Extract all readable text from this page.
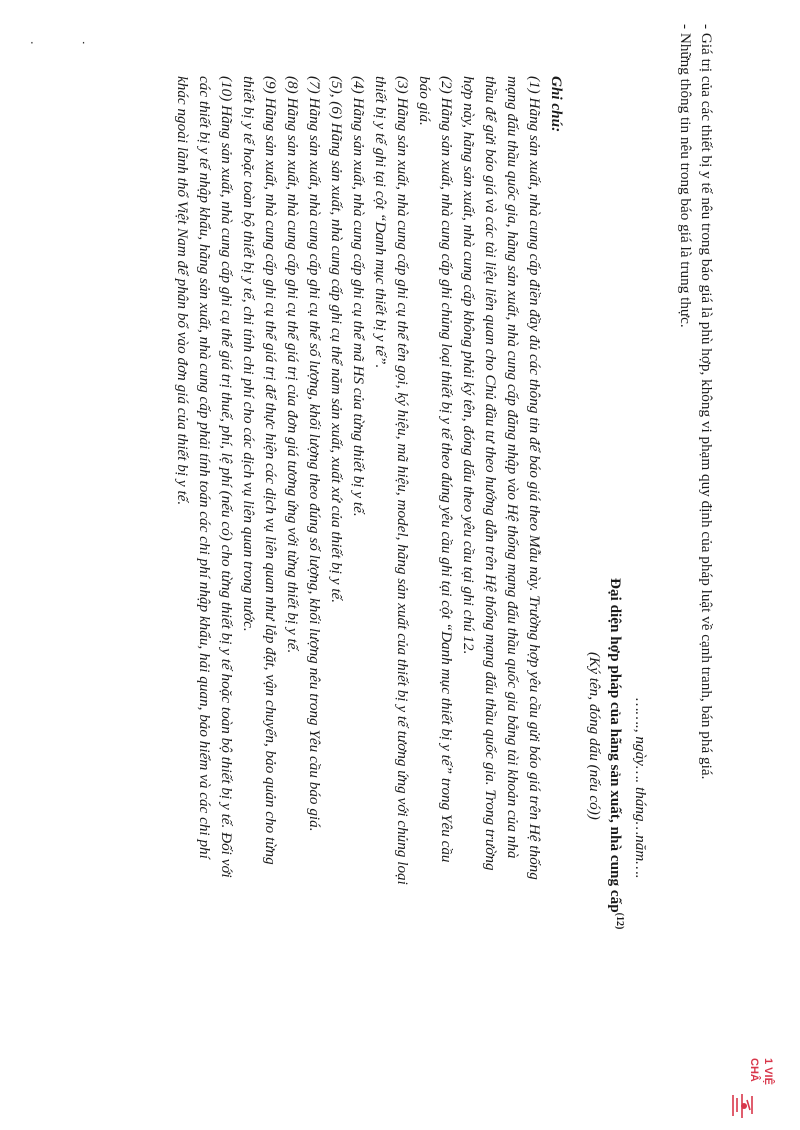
· ·	- Giá trị của các thiết bị y tế nêu trong báo giá là phù hợp, không vi phạm quy định của pháp luật về cạnh tranh, bán phá giá.
- Những thông tin nêu trong báo giá là trung thực.
……., ngày…. tháng…năm….
Đại diện hợp pháp của hãng sản xuất, nhà cung cấp$^{(12)}$
(Ký tên, đóng dấu (nếu có))
Ghi chú:
(1) Hãng sản xuất, nhà cung cấp điền đầy đủ các thông tin để báo giá theo Mẫu này. Trường hợp yêu cầu gửi báo giá trên Hệ thống
mạng đấu thầu quốc gia, hãng sản xuất, nhà cung cấp đăng nhập vào Hệ thống mạng đấu thầu quốc gia bằng tài khoản của nhà
thầu để gửi báo giá và các tài liệu liên quan cho Chủ đầu tư theo hướng dẫn trên Hệ thống mạng đấu thầu quốc gia. Trong trường
hợp này, hãng sản xuất, nhà cung cấp không phải ký tên, đóng dấu theo yêu cầu tại ghi chú 12.
(2) Hãng sản xuất, nhà cung cấp ghi chủng loại thiết bị y tế theo đúng yêu cầu ghi tại cột “Danh mục thiết bị y tế” trong Yêu cầu
báo giá.
(3) Hãng sản xuất, nhà cung cấp ghi cụ thể tên gọi, ký hiệu, mã hiệu, model, hãng sản xuất của thiết bị y tế tương ứng với chủng loại
thiết bị y tế ghi tại cột “Danh mục thiết bị y tế”.
(4) Hãng sản xuất, nhà cung cấp ghi cụ thể mã HS của từng thiết bị y tế.
(5), (6) Hãng sản xuất, nhà cung cấp ghi cụ thể năm sản xuất, xuất xứ của thiết bị y tế.
(7) Hãng sản xuất, nhà cung cấp ghi cụ thể số lượng, khối lượng theo đúng số lượng, khối lượng nêu trong Yêu cầu báo giá.
(8) Hãng sản xuất, nhà cung cấp ghi cụ thể giá trị của đơn giá tương ứng với từng thiết bị y tế.
(9) Hãng sản xuất, nhà cung cấp ghi cụ thể giá trị để thực hiện các dịch vụ liên quan như lắp đặt, vận chuyển, bảo quản cho từng
thiết bị y tế hoặc toàn bộ thiết bị y tế, chi tính chi phí cho các dịch vụ liên quan trong nước.
(10) Hãng sản xuất, nhà cung cấp ghi cụ thể giá trị thuế, phí, lệ phí (nếu có) cho từng thiết bị y tế hoặc toàn bộ thiết bị y tế. Đối với
các thiết bị y tế nhập khẩu, hãng sản xuất, nhà cung cấp phải tính toán các chi phí nhập khẩu, hải quan, bảo hiểm và các chi phí
khác ngoài lãnh thổ Việt Nam để phân bổ vào đơn giá của thiết bị y tế.
1 VIỆ
CHÂ
